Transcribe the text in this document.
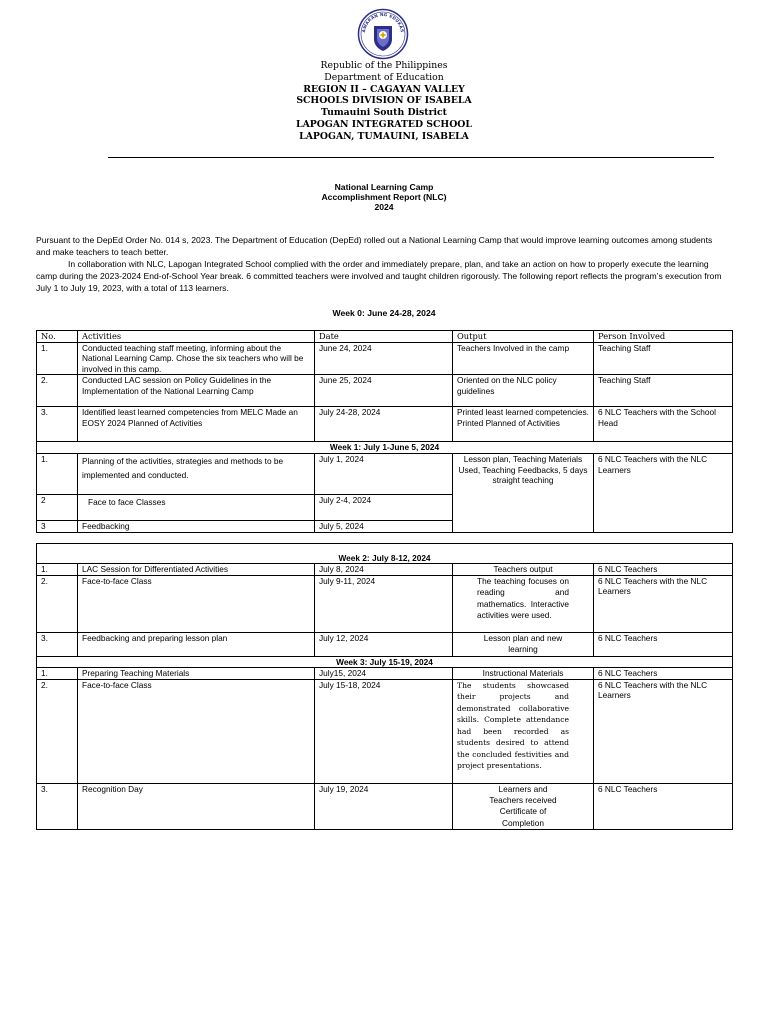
AWARAN NG EDUKAS
Republic of the Philippines
Department of Education
REGION II – CAGAYAN VALLEY
SCHOOLS DIVISION OF ISABELA
Tumauini South District
LAPOGAN INTEGRATED SCHOOL
LAPOGAN, TUMAUINI, ISABELA
National Learning Camp
Accomplishment Report (NLC)
2024
Pursuant to the DepEd Order No. 014 s, 2023. The Department of Education (DepEd) rolled out a National Learning Camp that would improve learning outcomes among students and make teachers to teach better.
In collaboration with NLC, Lapogan Integrated School complied with the order and immediately prepare, plan, and take an action on how to properly execute the learning camp during the 2023-2024 End-of-School Year break. 6 committed teachers were involved and taught children rigorously. The following report reflects the program’s execution from July 1 to July 19, 2023, with a total of 113 learners.
Week 0: June 24-28, 2024
No.	Activities	Date	Output	Person Involved
1.	Conducted teaching staff meeting, informing about the National Learning Camp. Chose the six teachers who will be involved in this camp.	June 24, 2024	Teachers Involved in the camp	Teaching Staff
2.	Conducted LAC session on Policy Guidelines in the Implementation of the National Learning Camp	June 25, 2024	Oriented on the NLC policy guidelines	Teaching Staff
3.	Identified least learned competencies from MELC Made an EOSY 2024 Planned of Activities	July 24-28, 2024	Printed least learned competencies. Printed Planned of Activities	6 NLC Teachers with the School Head
Week 1: July 1-June 5, 2024				
1.	Planning of the activities, strategies and methods to be implemented and conducted.	July 1, 2024	Lesson plan, Teaching Materials Used, Teaching Feedbacks, 5 days straight teaching	6 NLC Teachers with the NLC Learners
2	Face to face Classes	July 2-4, 2024		
3	Feedbacking	July 5, 2024		

Week 2: July 8-12, 2024				
1.	LAC Session for Differentiated Activities	July 8, 2024	Teachers output	6 NLC Teachers
2.	Face-to-face Class	July 9-11, 2024	The teaching focuses on reading and mathematics. Interactive activities were used.	6 NLC Teachers with the NLC Learners
3.	Feedbacking and preparing lesson plan	July 12, 2024	Lesson plan and new learning	6 NLC Teachers
Week 3: July 15-19, 2024				
1.	Preparing Teaching Materials	July15, 2024	Instructional Materials	6 NLC Teachers
2.	Face-to-face Class	July 15-18, 2024	The students showcased their projects and demonstrated collaborative skills. Complete attendance had been recorded as students desired to attend the concluded festivities and project presentations.	6 NLC Teachers with the NLC Learners
3.	Recognition Day	July 19, 2024	Learners and Teachers received Certificate of Completion	6 NLC Teachers
